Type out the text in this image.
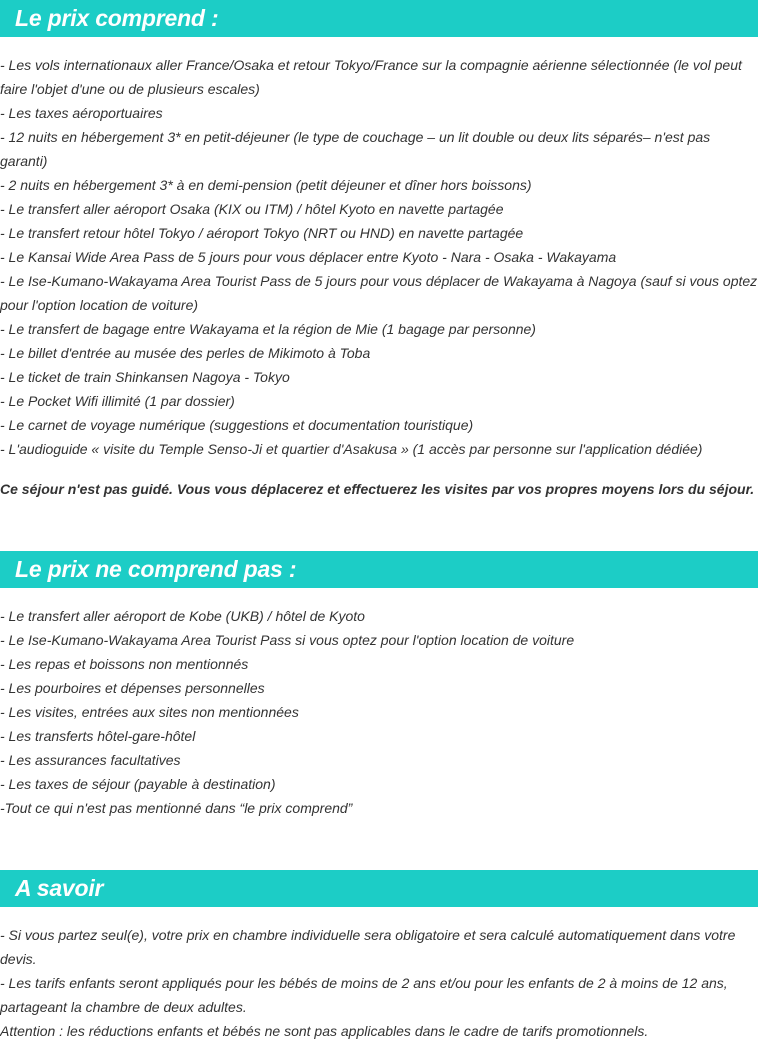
Le prix comprend :
- Les vols internationaux aller France/Osaka et retour Tokyo/France sur la compagnie aérienne sélectionnée (le vol peut faire l'objet d'une ou de plusieurs escales)
- Les taxes aéroportuaires
- 12 nuits en hébergement 3* en petit-déjeuner (le type de couchage – un lit double ou deux lits séparés– n'est pas garanti)
- 2 nuits en hébergement 3* à en demi-pension (petit déjeuner et dîner hors boissons)
- Le transfert aller aéroport Osaka (KIX ou ITM) / hôtel Kyoto en navette partagée
- Le transfert retour hôtel Tokyo / aéroport Tokyo (NRT ou HND) en navette partagée
- Le Kansai Wide Area Pass de 5 jours pour vous déplacer entre Kyoto - Nara - Osaka - Wakayama
- Le Ise-Kumano-Wakayama Area Tourist Pass de 5 jours pour vous déplacer de Wakayama à Nagoya (sauf si vous optez pour l'option location de voiture)
- Le transfert de bagage entre Wakayama et la région de Mie (1 bagage par personne)
- Le billet d'entrée au musée des perles de Mikimoto à Toba
- Le ticket de train Shinkansen Nagoya - Tokyo
- Le Pocket Wifi illimité (1 par dossier)
- Le carnet de voyage numérique (suggestions et documentation touristique)
- L'audioguide « visite du Temple Senso-Ji et quartier d'Asakusa » (1 accès par personne sur l'application dédiée)

Ce séjour n'est pas guidé. Vous vous déplacerez et effectuerez les visites par vos propres moyens lors du séjour.

Le prix ne comprend pas :
- Le transfert aller aéroport de Kobe (UKB) / hôtel de Kyoto
- Le Ise-Kumano-Wakayama Area Tourist Pass si vous optez pour l'option location de voiture
- Les repas et boissons non mentionnés
- Les pourboires et dépenses personnelles
- Les visites, entrées aux sites non mentionnées
- Les transferts hôtel-gare-hôtel
- Les assurances facultatives
- Les taxes de séjour (payable à destination)
-Tout ce qui n'est pas mentionné dans “le prix comprend”
A savoir
- Si vous partez seul(e), votre prix en chambre individuelle sera obligatoire et sera calculé automatiquement dans votre devis.
- Les tarifs enfants seront appliqués pour les bébés de moins de 2 ans et/ou pour les enfants de 2 à moins de 12 ans, partageant la chambre de deux adultes.
Attention : les réductions enfants et bébés ne sont pas applicables dans le cadre de tarifs promotionnels.
